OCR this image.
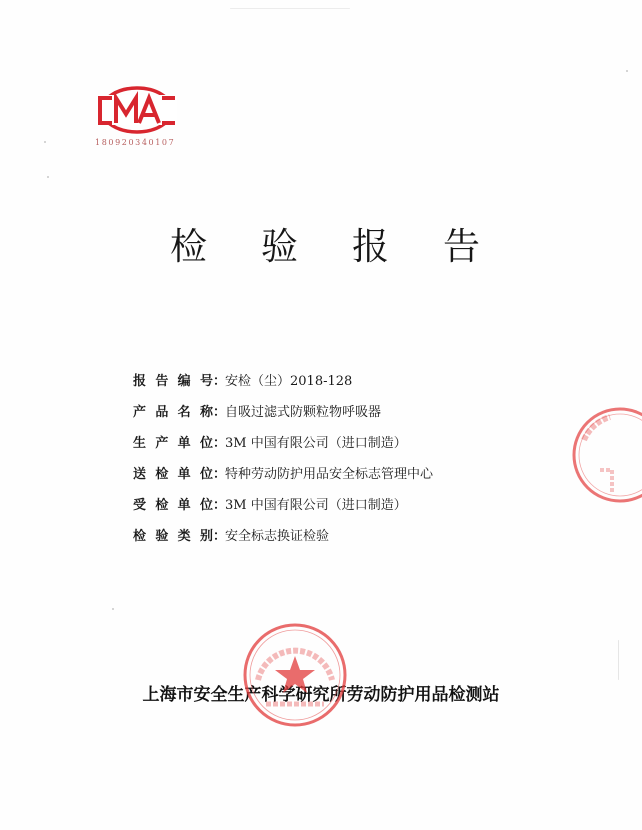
180920340107
检 验 报 告
报 告 编 号 ：
安检（尘）2018-128
产 品 名 称 ：
自吸过滤式防颗粒物呼吸器
生 产 单 位 ：
3M 中国有限公司（进口制造）
送 检 单 位 ：
特种劳动防护用品安全标志管理中心
受 检 单 位 ：
3M 中国有限公司（进口制造）
检 验 类 别 ：
安全标志换证检验
上海市安全生产科学研究所劳动防护用品检测站
